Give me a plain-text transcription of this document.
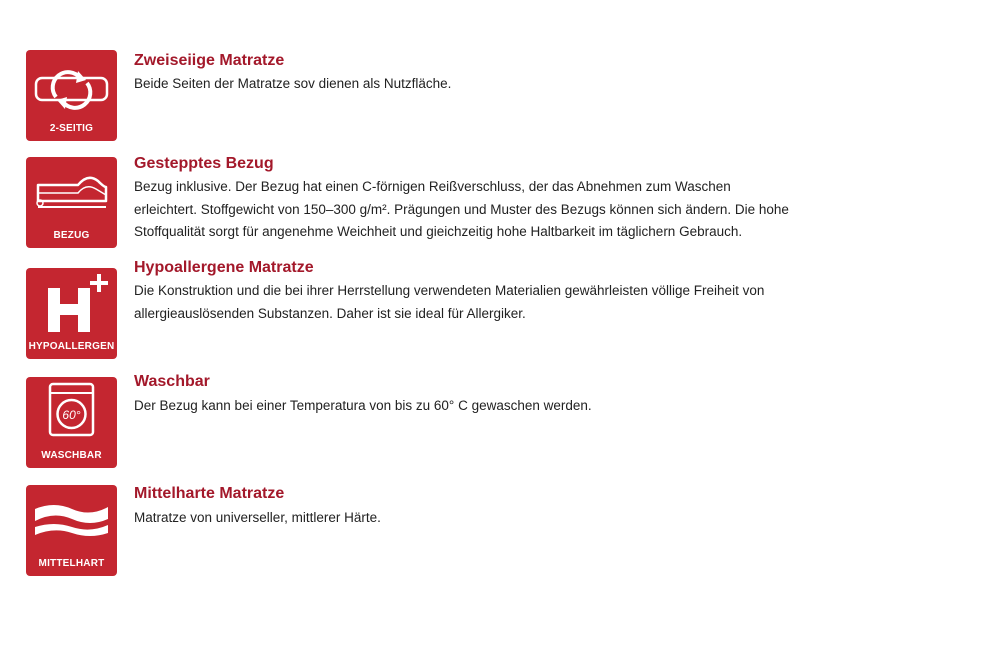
2-SEITIG
Zweiseiige Matratze
Beide Seiten der Matratze sov dienen als Nutzfläche.
BEZUG
Gestepptes Bezug
Bezug inklusive. Der Bezug hat einen C-förnigen Reißverschluss, der das Abnehmen zum Waschen erleichtert. Stoffgewicht von 150–300 g/m². Prägungen und Muster des Bezugs können sich ändern. Die hohe Stoffqualität sorgt für angenehme Weichheit und gieichzeitig hohe Haltbarkeit im täglichern Gebrauch.
HYPOALLERGEN
Hypoallergene Matratze
Die Konstruktion und die bei ihrer Herrstellung verwendeten Materialien gewährleisten völlige Freiheit von allergieauslösenden Substanzen. Daher ist sie ideal für Allergiker.
60°
WASCHBAR
Waschbar
Der Bezug kann bei einer Temperatura von bis zu 60° C gewaschen werden.
MITTELHART
Mittelharte Matratze
Matratze von universeller, mittlerer Härte.
